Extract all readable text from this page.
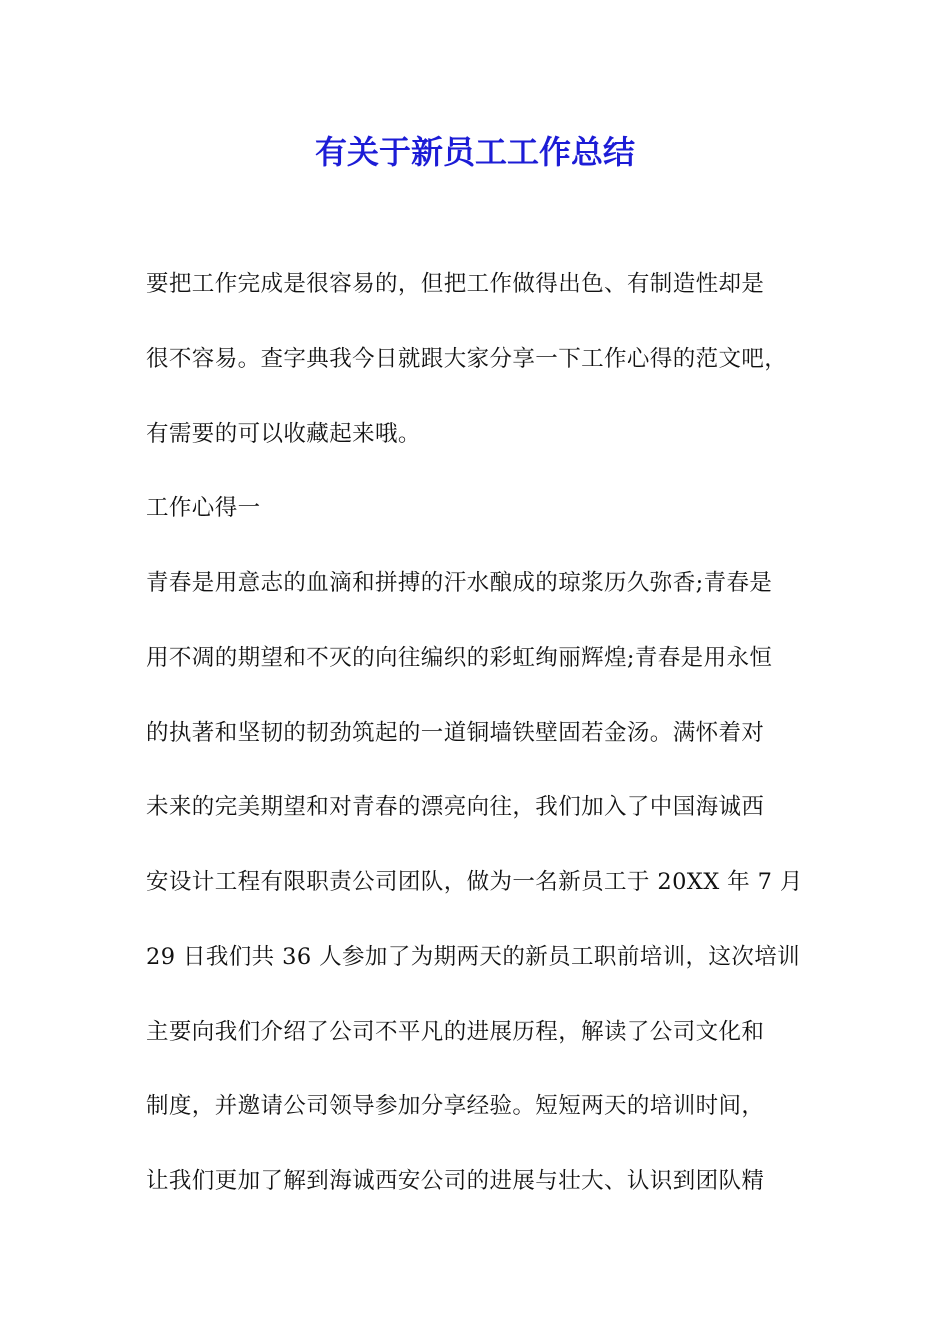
有关于新员工工作总结
要把工作完成是很容易的，但把工作做得出色、有制造性却是
很不容易。查字典我今日就跟大家分享一下工作心得的范文吧，
有需要的可以收藏起来哦。
工作心得一
青春是用意志的血滴和拼搏的汗水酿成的琼浆历久弥香;青春是
用不凋的期望和不灭的向往编织的彩虹绚丽辉煌;青春是用永恒
的执著和坚韧的韧劲筑起的一道铜墙铁壁固若金汤。满怀着对
未来的完美期望和对青春的漂亮向往，我们加入了中国海诚西
安设计工程有限职责公司团队，做为一名新员工于 20XX 年 7 月
29 日我们共 36 人参加了为期两天的新员工职前培训，这次培训
主要向我们介绍了公司不平凡的进展历程，解读了公司文化和
制度，并邀请公司领导参加分享经验。短短两天的培训时间，
让我们更加了解到海诚西安公司的进展与壮大、认识到团队精
